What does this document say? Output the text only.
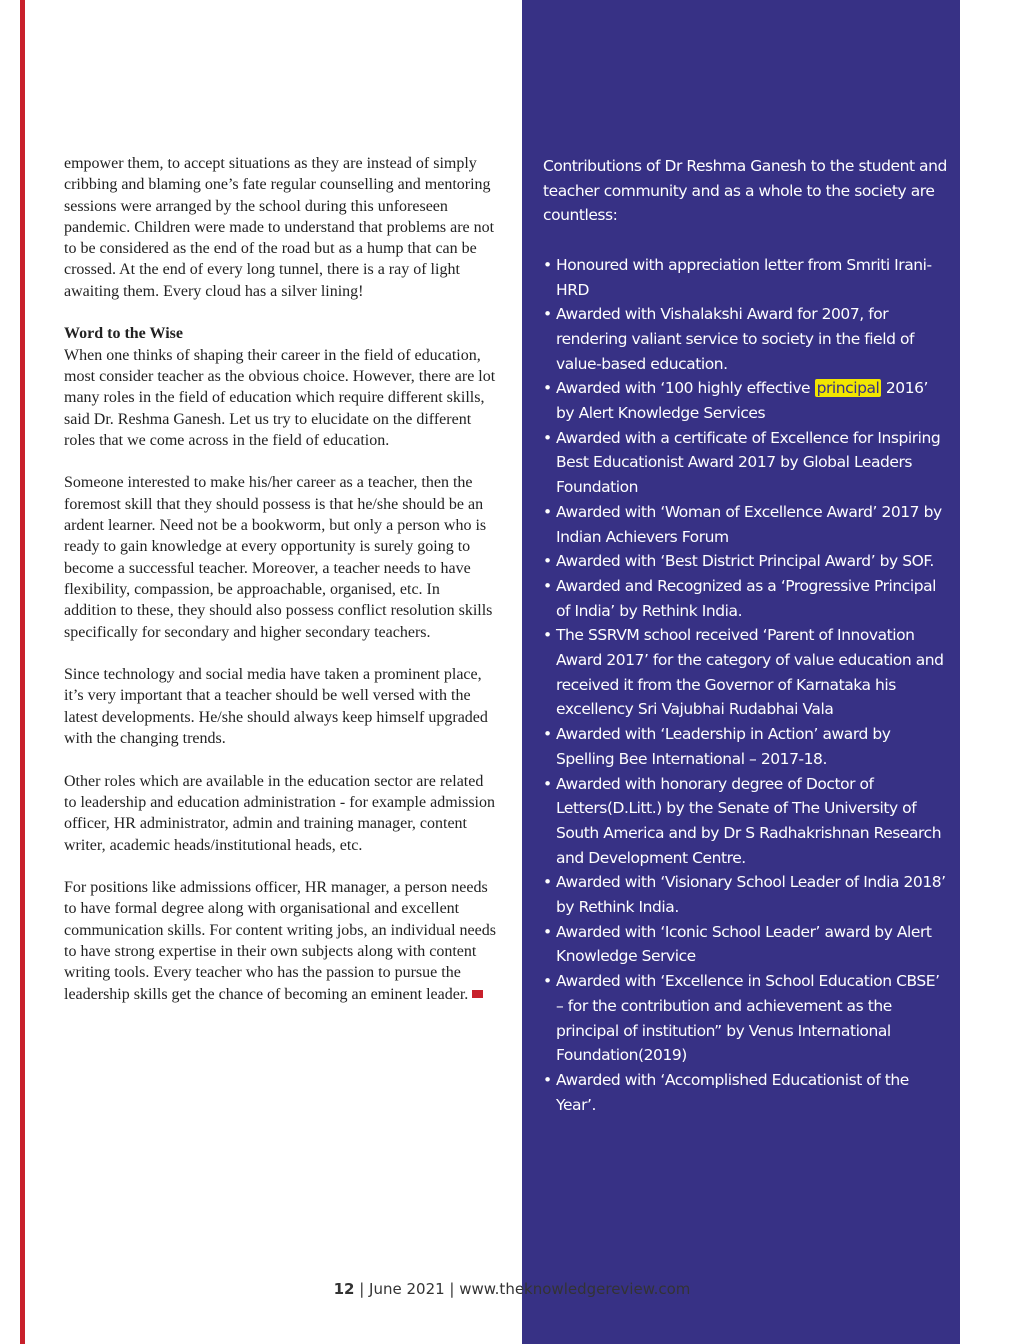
empower them, to accept situations as they are instead of simply cribbing and blaming one’s fate regular counselling and mentoring sessions were arranged by the school during this unforeseen pandemic. Children were made to understand that problems are not to be considered as the end of the road but as a hump that can be crossed. At the end of every long tunnel, there is a ray of light awaiting them. Every cloud has a silver lining!

Word to the Wise
When one thinks of shaping their career in the field of education, most consider teacher as the obvious choice. However, there are lot many roles in the field of education which require different skills, said Dr. Reshma Ganesh. Let us try to elucidate on the different roles that we come across in the field of education.

Someone interested to make his/her career as a teacher, then the foremost skill that they should possess is that he/she should be an ardent learner. Need not be a bookworm, but only a person who is ready to gain knowledge at every opportunity is surely going to become a successful teacher. Moreover, a teacher needs to have flexibility, compassion, be approachable, organised, etc. In addition to these, they should also possess conflict resolution skills specifically for secondary and higher secondary teachers.

Since technology and social media have taken a prominent place, it’s very important that a teacher should be well versed with the latest developments. He/she should always keep himself upgraded with the changing trends.

Other roles which are available in the education sector are related to leadership and education administration - for example admission officer, HR administrator, admin and training manager, content writer, academic heads/institutional heads, etc.

For positions like admissions officer, HR manager, a person needs to have formal degree along with organisational and excellent communication skills. For content writing jobs, an individual needs to have strong expertise in their own subjects along with content writing tools. Every teacher who has the passion to pursue the leadership skills get the chance of becoming an eminent leader.

Contributions of Dr Reshma Ganesh to the student and teacher community and as a whole to the society are countless:

• Honoured with appreciation letter from Smriti Irani- HRD
• Awarded with Vishalakshi Award for 2007, for rendering valiant service to society in the field of value-based education.
• Awarded with ‘100 highly effective principal 2016’ by Alert Knowledge Services
• Awarded with a certificate of Excellence for Inspiring Best Educationist Award 2017 by Global Leaders Foundation
• Awarded with ‘Woman of Excellence Award’ 2017 by Indian Achievers Forum
• Awarded with ‘Best District Principal Award’ by SOF.
• Awarded and Recognized as a ‘Progressive Principal of India’ by Rethink India.
• The SSRVM school received ‘Parent of Innovation Award 2017’ for the category of value education and received it from the Governor of Karnataka his excellency Sri Vajubhai Rudabhai Vala
• Awarded with ‘Leadership in Action’ award by Spelling Bee International – 2017-18.
• Awarded with honorary degree of Doctor of Letters(D.Litt.) by the Senate of The University of South America and by Dr S Radhakrishnan Research and Development Centre.
• Awarded with ‘Visionary School Leader of India 2018’ by Rethink India.
• Awarded with ‘Iconic School Leader’ award by Alert Knowledge Service
• Awarded with ‘Excellence in School Education CBSE’ – for the contribution and achievement as the principal of institution” by Venus International Foundation(2019)
• Awarded with ‘Accomplished Educationist of the Year’.
12 | June 2021 | www.theknowledgereview.com
